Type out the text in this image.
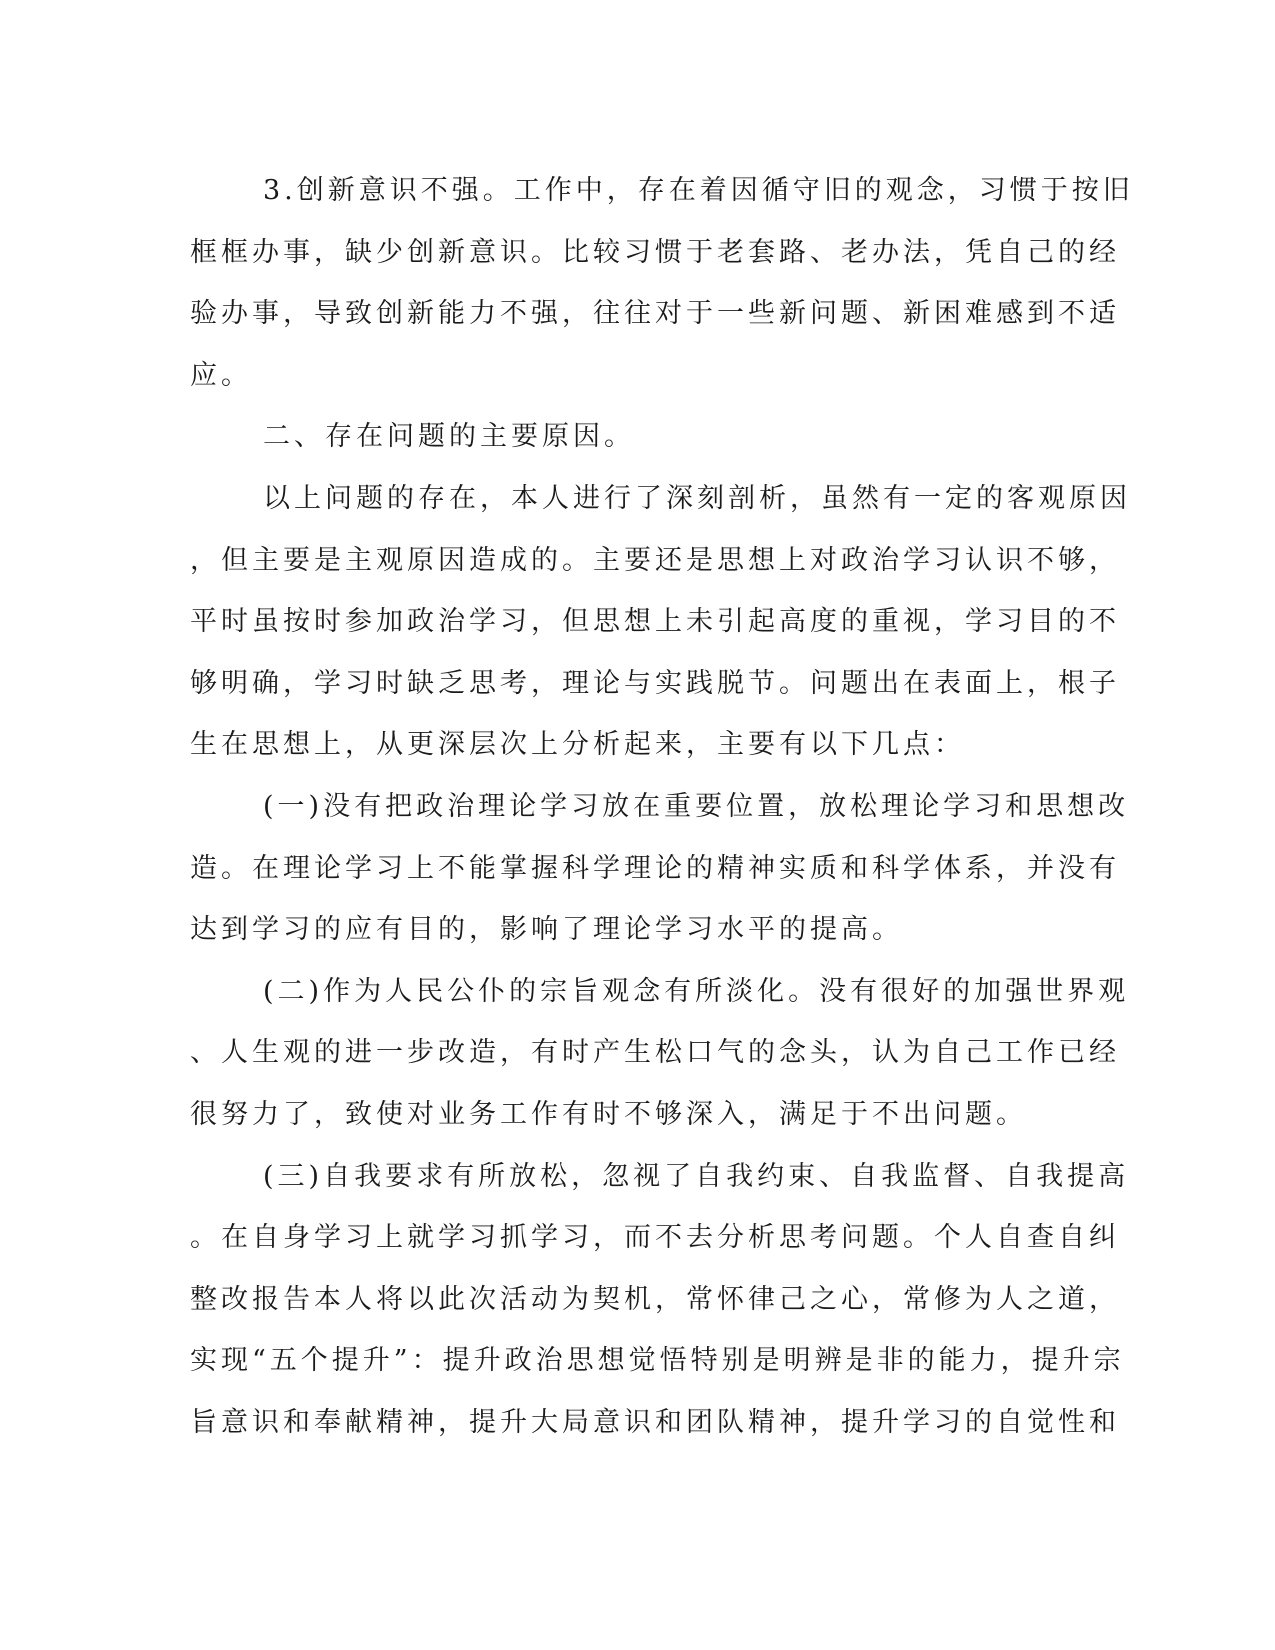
3.创新意识不强。工作中，存在着因循守旧的观念，习惯于按旧
框框办事，缺少创新意识。比较习惯于老套路、老办法，凭自己的经
验办事，导致创新能力不强，往往对于一些新问题、新困难感到不适
应。
二、存在问题的主要原因。
以上问题的存在，本人进行了深刻剖析，虽然有一定的客观原因
，但主要是主观原因造成的。主要还是思想上对政治学习认识不够，
平时虽按时参加政治学习，但思想上未引起高度的重视，学习目的不
够明确，学习时缺乏思考，理论与实践脱节。问题出在表面上，根子
生在思想上，从更深层次上分析起来，主要有以下几点：
(一)没有把政治理论学习放在重要位置，放松理论学习和思想改
造。在理论学习上不能掌握科学理论的精神实质和科学体系，并没有
达到学习的应有目的，影响了理论学习水平的提高。
(二)作为人民公仆的宗旨观念有所淡化。没有很好的加强世界观
、人生观的进一步改造，有时产生松口气的念头，认为自己工作已经
很努力了，致使对业务工作有时不够深入，满足于不出问题。
(三)自我要求有所放松，忽视了自我约束、自我监督、自我提高
。在自身学习上就学习抓学习，而不去分析思考问题。个人自查自纠
整改报告本人将以此次活动为契机，常怀律己之心，常修为人之道，
实现“五个提升”：提升政治思想觉悟特别是明辨是非的能力，提升宗
旨意识和奉献精神，提升大局意识和团队精神，提升学习的自觉性和
